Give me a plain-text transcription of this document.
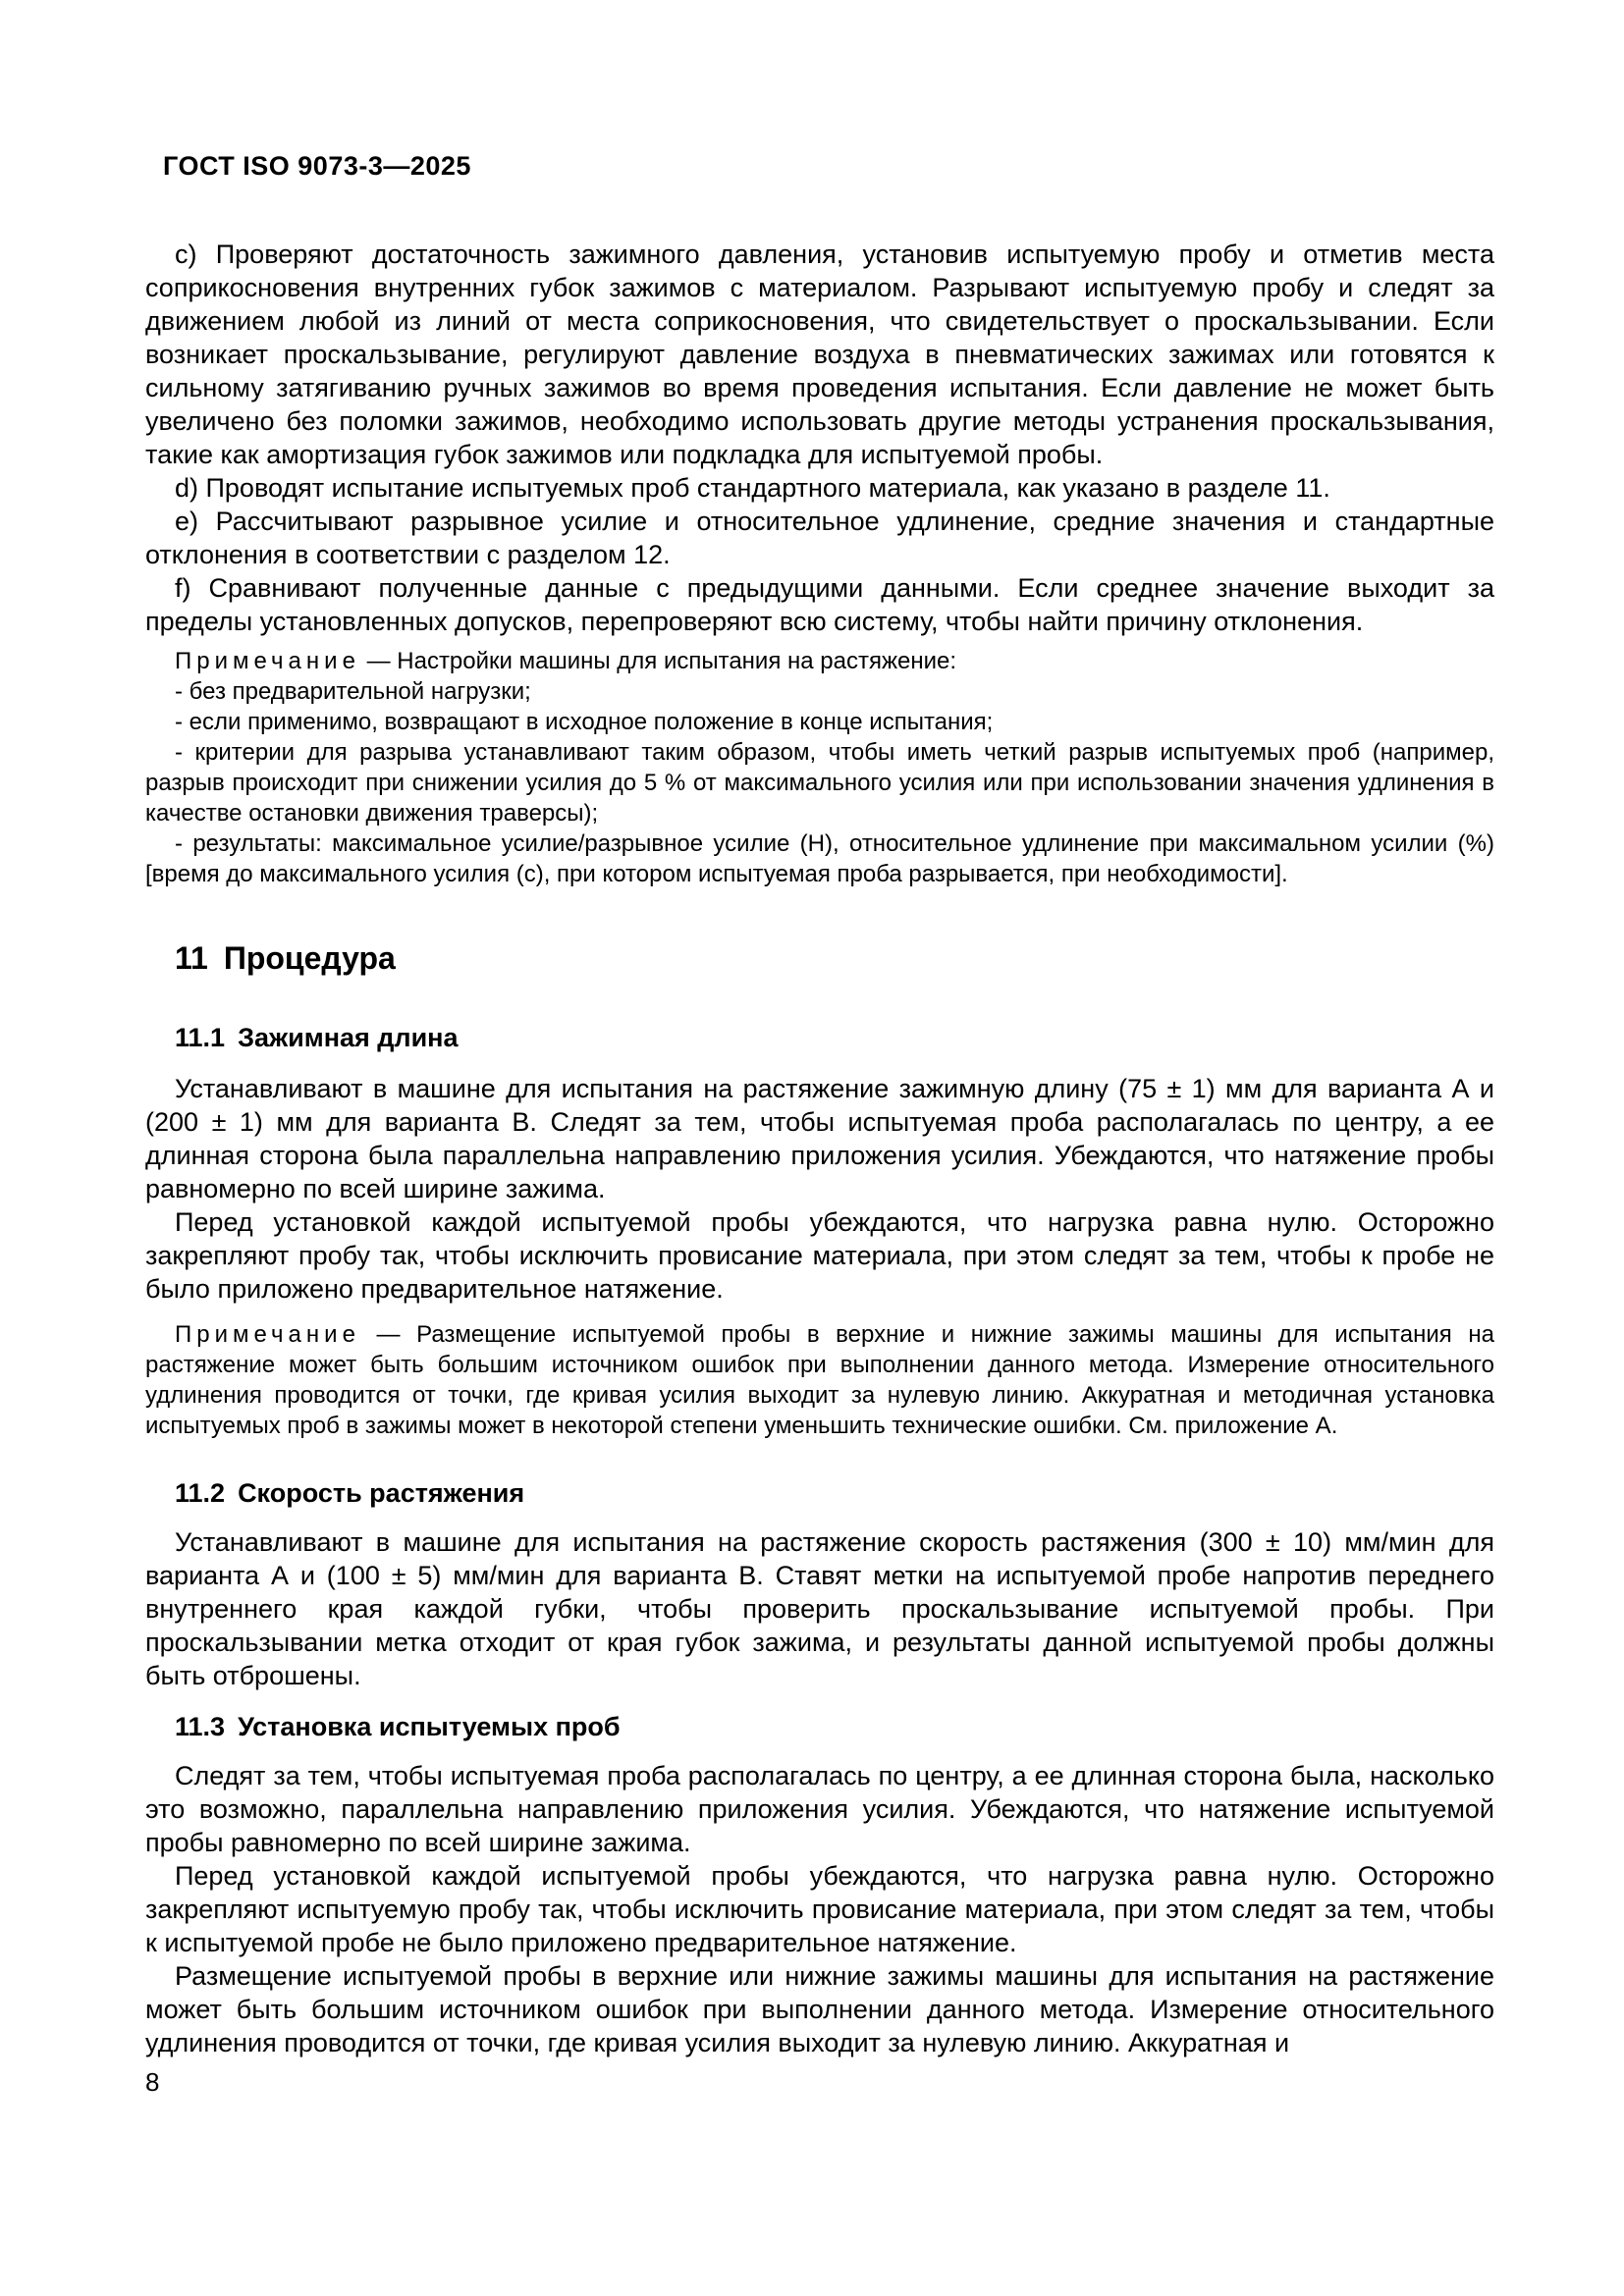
ГОСТ ISO 9073-3—2025

c) Проверяют достаточность зажимного давления, установив испытуемую пробу и отметив места соприкосновения внутренних губок зажимов с материалом. Разрывают испытуемую пробу и следят за движением любой из линий от места соприкосновения, что свидетельствует о проскальзывании. Если возникает проскальзывание, регулируют давление воздуха в пневматических зажимах или готовятся к сильному затягиванию ручных зажимов во время проведения испытания. Если давление не может быть увеличено без поломки зажимов, необходимо использовать другие методы устранения проскальзывания, такие как амортизация губок зажимов или подкладка для испытуемой пробы.

d) Проводят испытание испытуемых проб стандартного материала, как указано в разделе 11.

e) Рассчитывают разрывное усилие и относительное удлинение, средние значения и стандартные отклонения в соответствии с разделом 12.

f) Сравнивают полученные данные с предыдущими данными. Если среднее значение выходит за пределы установленных допусков, перепроверяют всю систему, чтобы найти причину отклонения.

Примечание — Настройки машины для испытания на растяжение:

- без предварительной нагрузки;

- если применимо, возвращают в исходное положение в конце испытания;

- критерии для разрыва устанавливают таким образом, чтобы иметь четкий разрыв испытуемых проб (например, разрыв происходит при снижении усилия до 5 % от максимального усилия или при использовании значения удлинения в качестве остановки движения траверсы);

- результаты: максимальное усилие/разрывное усилие (Н), относительное удлинение при максимальном усилии (%) [время до максимального усилия (с), при котором испытуемая проба разрывается, при необходимости].

11 Процедура
11.1 Зажимная длина

Устанавливают в машине для испытания на растяжение зажимную длину (75 ± 1) мм для варианта А и (200 ± 1) мм для варианта В. Следят за тем, чтобы испытуемая проба располагалась по центру, а ее длинная сторона была параллельна направлению приложения усилия. Убеждаются, что натяжение пробы равномерно по всей ширине зажима.

Перед установкой каждой испытуемой пробы убеждаются, что нагрузка равна нулю. Осторожно закрепляют пробу так, чтобы исключить провисание материала, при этом следят за тем, чтобы к пробе не было приложено предварительное натяжение.

Примечание — Размещение испытуемой пробы в верхние и нижние зажимы машины для испытания на растяжение может быть большим источником ошибок при выполнении данного метода. Измерение относительного удлинения проводится от точки, где кривая усилия выходит за нулевую линию. Аккуратная и методичная установка испытуемых проб в зажимы может в некоторой степени уменьшить технические ошибки. См. приложение А.

11.2 Скорость растяжения

Устанавливают в машине для испытания на растяжение скорость растяжения (300 ± 10) мм/мин для варианта А и (100 ± 5) мм/мин для варианта В. Ставят метки на испытуемой пробе напротив переднего внутреннего края каждой губки, чтобы проверить проскальзывание испытуемой пробы. При проскальзывании метка отходит от края губок зажима, и результаты данной испытуемой пробы должны быть отброшены.

11.3 Установка испытуемых проб

Следят за тем, чтобы испытуемая проба располагалась по центру, а ее длинная сторона была, насколько это возможно, параллельна направлению приложения усилия. Убеждаются, что натяжение испытуемой пробы равномерно по всей ширине зажима.

Перед установкой каждой испытуемой пробы убеждаются, что нагрузка равна нулю. Осторожно закрепляют испытуемую пробу так, чтобы исключить провисание материала, при этом следят за тем, чтобы к испытуемой пробе не было приложено предварительное натяжение.

Размещение испытуемой пробы в верхние или нижние зажимы машины для испытания на растяжение может быть большим источником ошибок при выполнении данного метода. Измерение относительного удлинения проводится от точки, где кривая усилия выходит за нулевую линию. Аккуратная и

8
